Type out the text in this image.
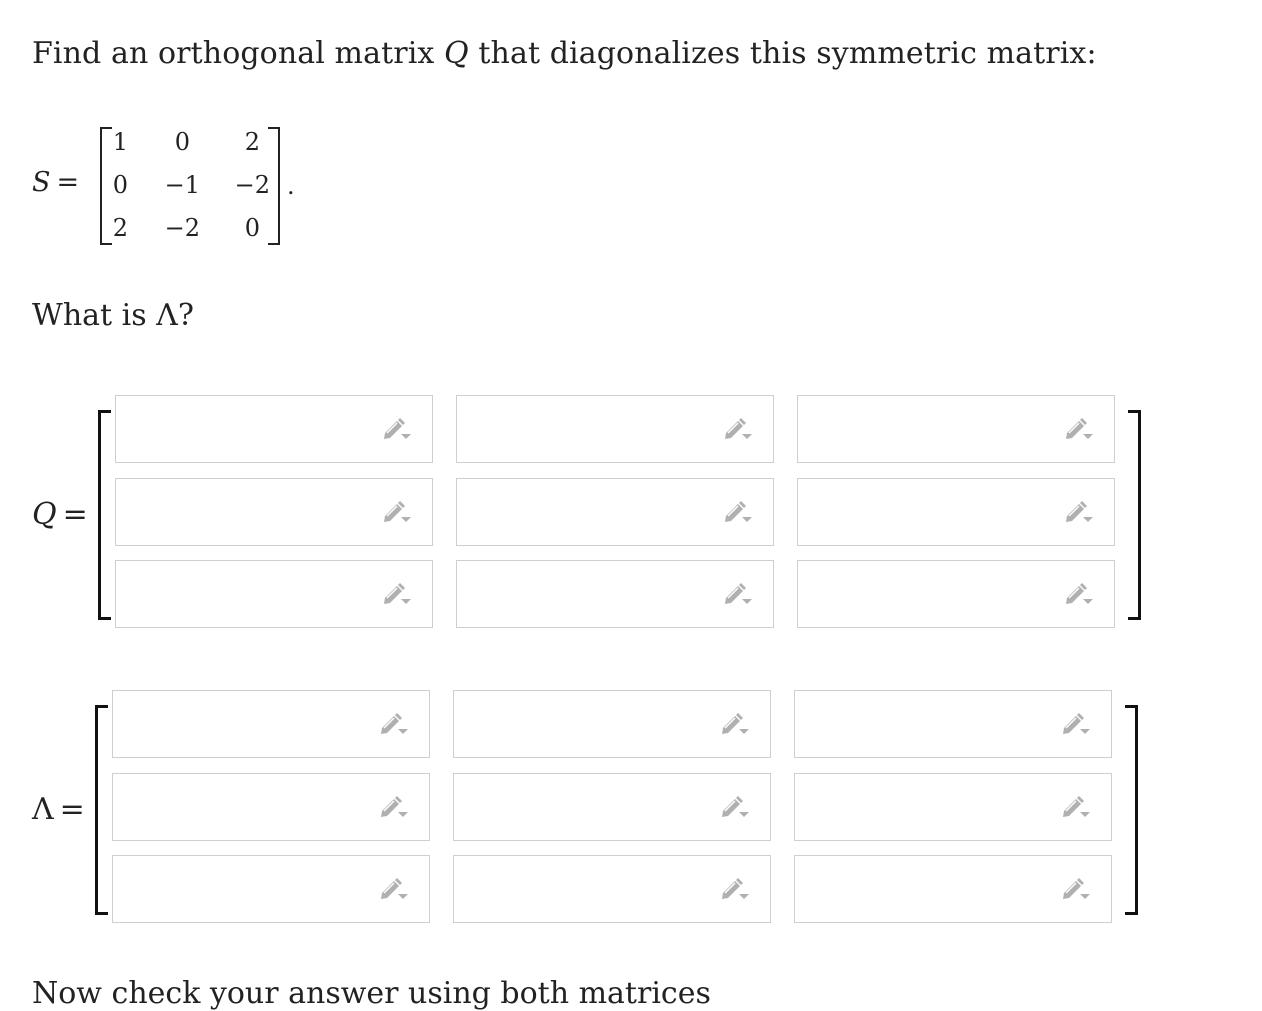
Find an orthogonal matrix Q that diagonalizes this symmetric matrix:
S =
1	0	2
0 −1 −2
2 −2	0
.
What is Λ?
Q =
Λ =
Now check your answer using both matrices
